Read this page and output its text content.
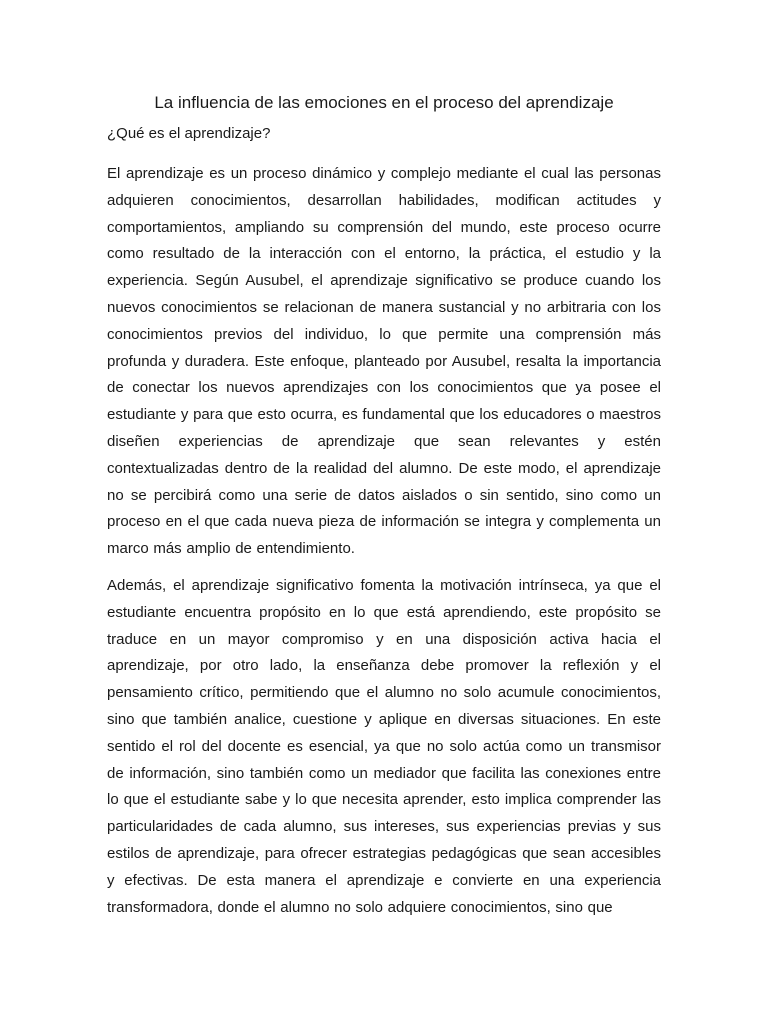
La influencia de las emociones en el proceso del aprendizaje
¿Qué es el aprendizaje?

El aprendizaje es un proceso dinámico y complejo mediante el cual las personas adquieren conocimientos, desarrollan habilidades, modifican actitudes y comportamientos, ampliando su comprensión del mundo, este proceso ocurre como resultado de la interacción con el entorno, la práctica, el estudio y la experiencia. Según Ausubel, el aprendizaje significativo se produce cuando los nuevos conocimientos se relacionan de manera sustancial y no arbitraria con los conocimientos previos del individuo, lo que permite una comprensión más profunda y duradera. Este enfoque, planteado por Ausubel, resalta la importancia de conectar los nuevos aprendizajes con los conocimientos que ya posee el estudiante y para que esto ocurra, es fundamental que los educadores o maestros diseñen experiencias de aprendizaje que sean relevantes y estén contextualizadas dentro de la realidad del alumno. De este modo, el aprendizaje no se percibirá como una serie de datos aislados o sin sentido, sino como un proceso en el que cada nueva pieza de información se integra y complementa un marco más amplio de entendimiento.

Además, el aprendizaje significativo fomenta la motivación intrínseca, ya que el estudiante encuentra propósito en lo que está aprendiendo, este propósito se traduce en un mayor compromiso y en una disposición activa hacia el aprendizaje, por otro lado, la enseñanza debe promover la reflexión y el pensamiento crítico, permitiendo que el alumno no solo acumule conocimientos, sino que también analice, cuestione y aplique en diversas situaciones. En este sentido el rol del docente es esencial, ya que no solo actúa como un transmisor de información, sino también como un mediador que facilita las conexiones entre lo que el estudiante sabe y lo que necesita aprender, esto implica comprender las particularidades de cada alumno, sus intereses, sus experiencias previas y sus estilos de aprendizaje, para ofrecer estrategias pedagógicas que sean accesibles y efectivas. De esta manera el aprendizaje e convierte en una experiencia transformadora, donde el alumno no solo adquiere conocimientos, sino que
